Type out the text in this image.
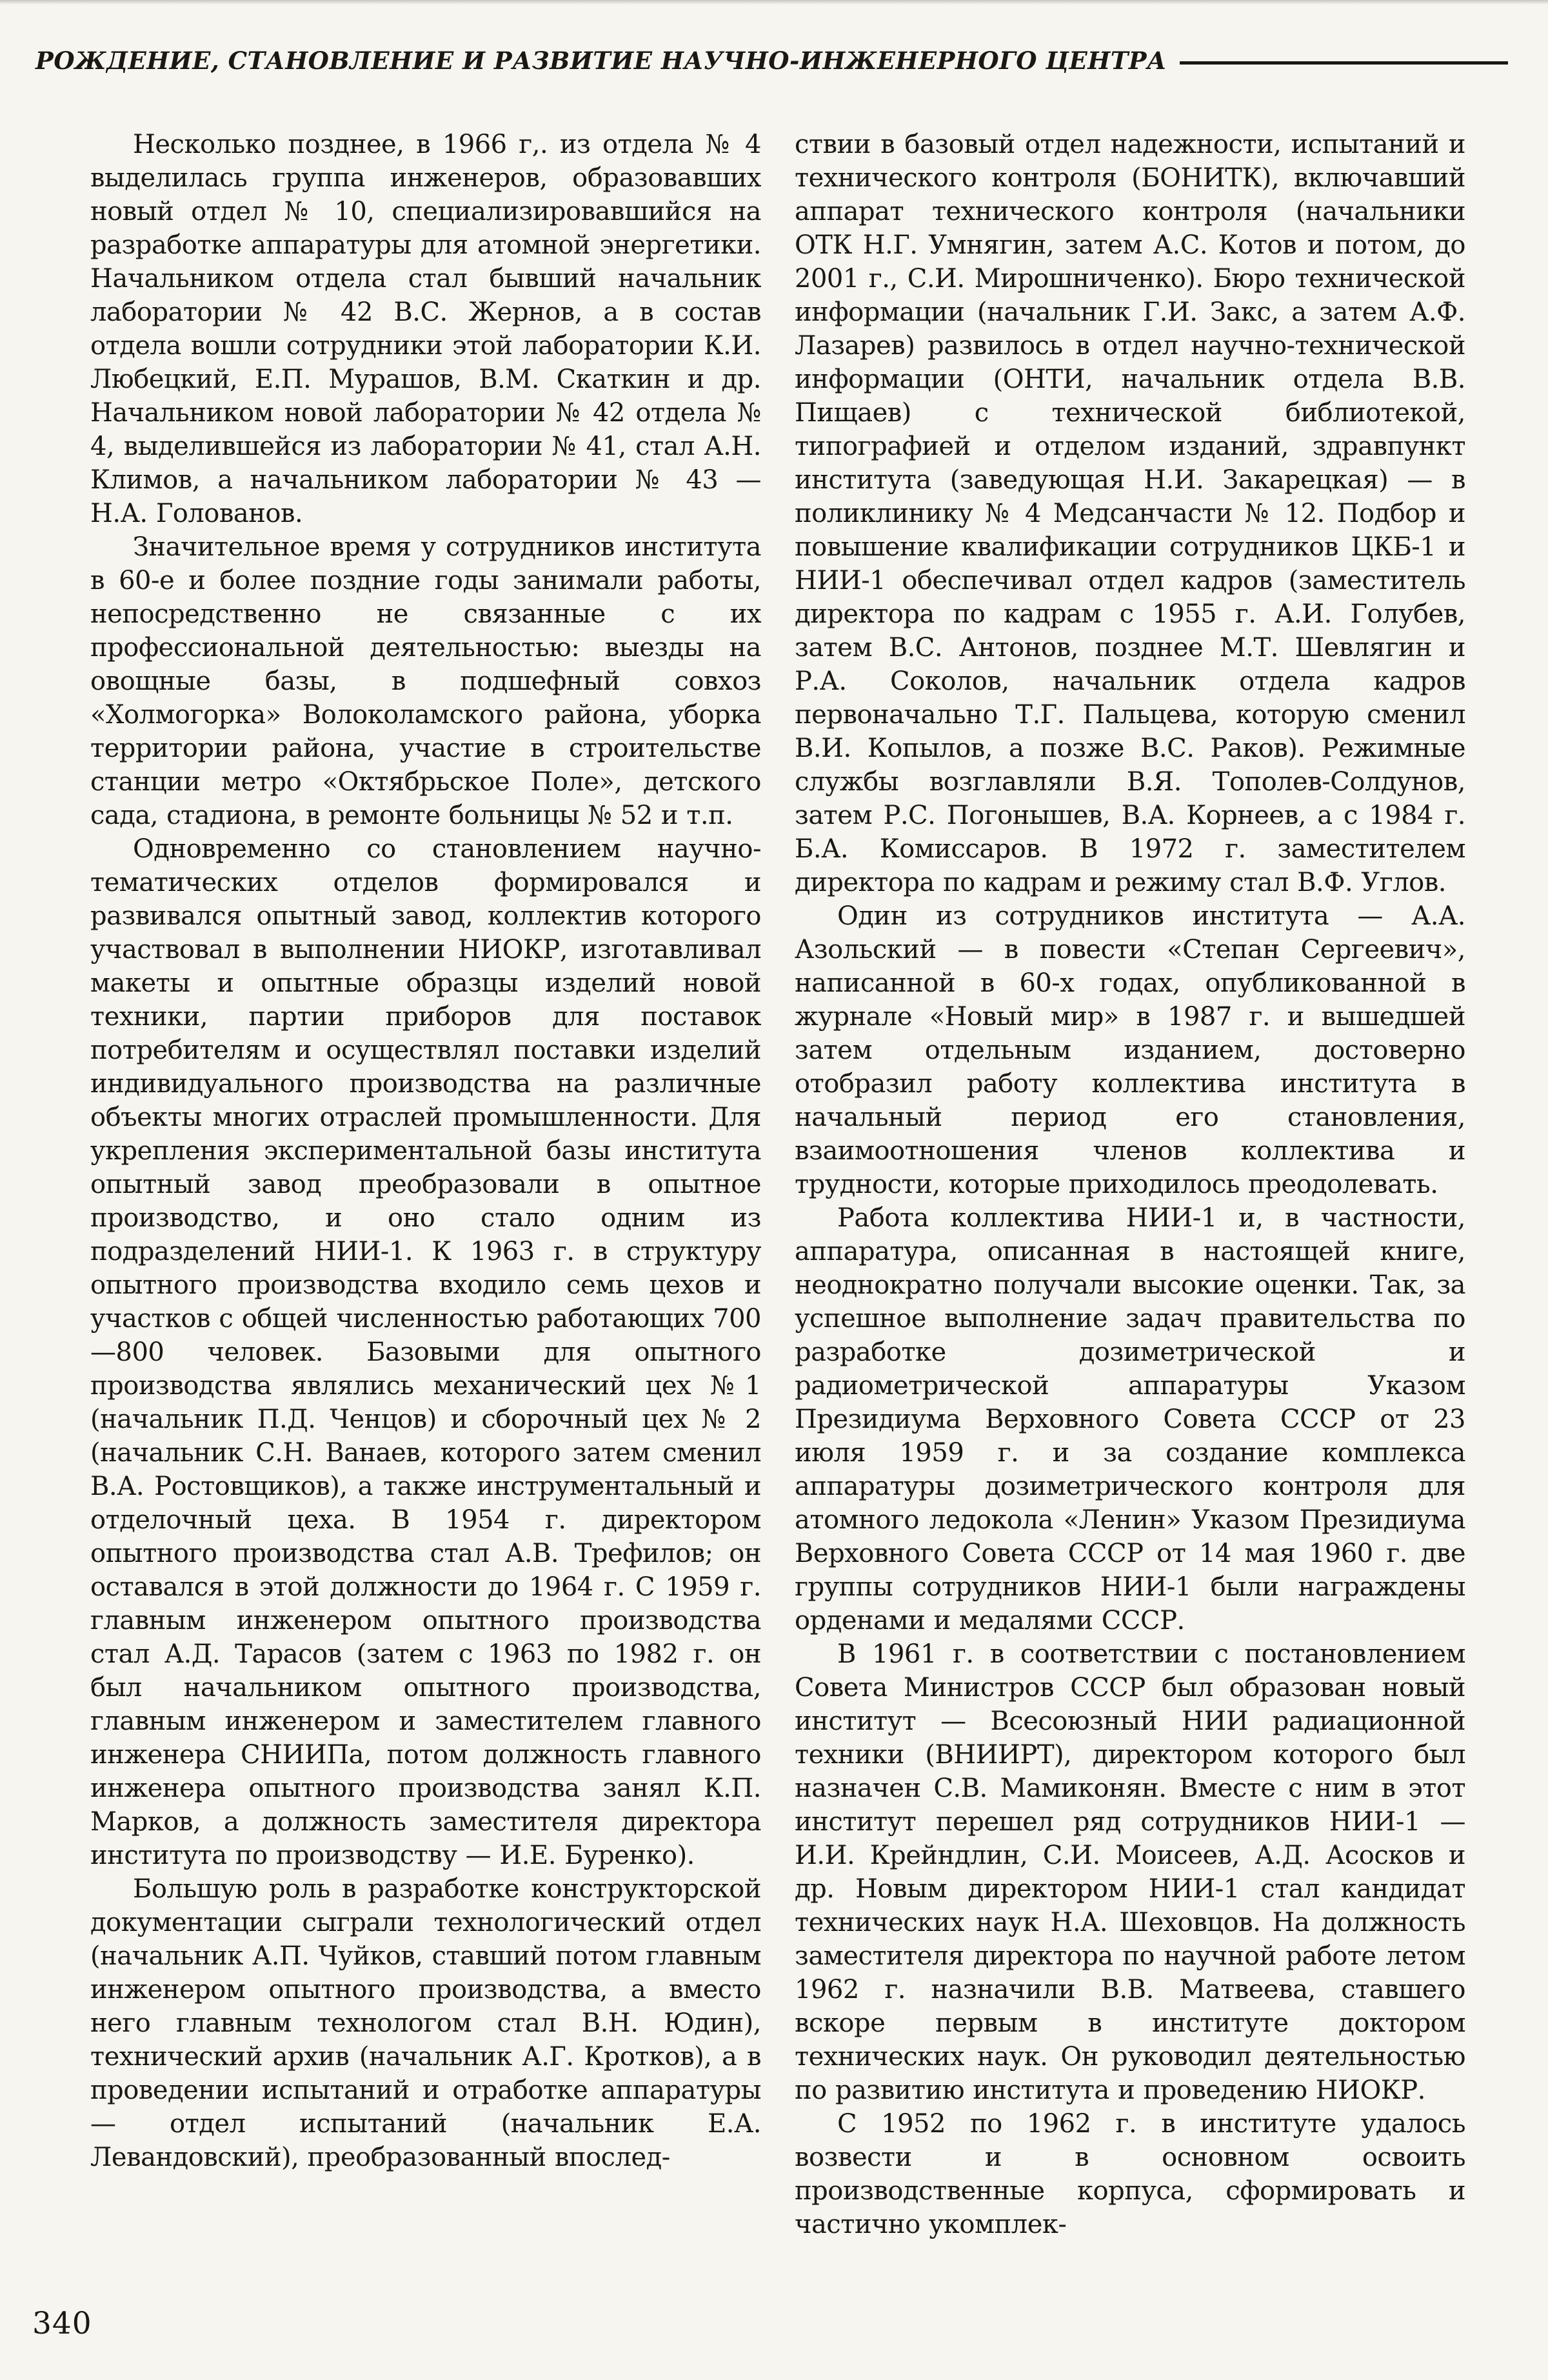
РОЖДЕНИЕ, СТАНОВЛЕНИЕ И РАЗВИТИЕ НАУЧНО-ИНЖЕНЕРНОГО ЦЕНТРА

Несколько позднее, в 1966 г,. из отдела № 4 выделилась группа инженеров, образовавших новый отдел № 10, специализировавшийся на разработке аппаратуры для атомной энергетики. Начальником отдела стал бывший начальник лаборатории № 42 В.С. Жернов, а в состав отдела вошли сотрудники этой лаборатории К.И. Любецкий, Е.П. Мурашов, В.М. Скаткин и др. Начальником новой лаборатории № 42 отдела № 4, выделившейся из лаборатории № 41, стал А.Н. Климов, а начальником лаборатории № 43 — Н.А. Голованов.

Значительное время у сотрудников института в 60-е и более поздние годы занимали работы, непосредственно не связанные с их профессиональной деятельностью: выезды на овощные базы, в подшефный совхоз «Холмогорка» Волоколамского района, уборка территории района, участие в строительстве станции метро «Октябрьское Поле», детского сада, стадиона, в ремонте больницы № 52 и т.п.

Одновременно со становлением научно-тематических отделов формировался и развивался опытный завод, коллектив которого участвовал в выполнении НИОКР, изготавливал макеты и опытные образцы изделий новой техники, партии приборов для поставок потребителям и осуществлял поставки изделий индивидуального производства на различные объекты многих отраслей промышленности. Для укрепления экспериментальной базы института опытный завод преобразовали в опытное производство, и оно стало одним из подразделений НИИ-1. К 1963 г. в структуру опытного производства входило семь цехов и участков с общей численностью работающих 700—800 человек. Базовыми для опытного производства являлись механический цех №1 (начальник П.Д. Ченцов) и сборочный цех № 2 (начальник С.Н. Ванаев, которого затем сменил В.А. Ростовщиков), а также инструментальный и отделочный цеха. В 1954 г. директором опытного производства стал А.В. Трефилов; он оставался в этой должности до 1964 г. С 1959 г. главным инженером опытного производства стал А.Д. Тарасов (затем с 1963 по 1982 г. он был начальником опытного производства, главным инженером и заместителем главного инженера СНИИПа, потом должность главного инженера опытного производства занял К.П. Марков, а должность заместителя директора института по производству — И.Е. Буренко).

Большую роль в разработке конструкторской документации сыграли технологический отдел (начальник А.П. Чуйков, ставший потом главным инженером опытного производства, а вместо него главным технологом стал В.Н. Юдин), технический архив (начальник А.Г. Кротков), а в проведении испытаний и отработке аппаратуры — отдел испытаний (начальник Е.А. Левандовский), преобразованный впослед-

ствии в базовый отдел надежности, испытаний и технического контроля (БОНИТК), включавший аппарат технического контроля (начальники ОТК Н.Г. Умнягин, затем А.С. Котов и потом, до 2001 г., С.И. Мирошниченко). Бюро технической информации (начальник Г.И. Закс, а затем А.Ф. Лазарев) развилось в отдел научно-технической информации (ОНТИ, начальник отдела В.В. Пищаев) с технической библиотекой, типографией и отделом изданий, здравпункт института (заведующая Н.И. Закарецкая) — в поликлинику № 4 Медсанчасти № 12. Подбор и повышение квалификации сотрудников ЦКБ-1 и НИИ-1 обеспечивал отдел кадров (заместитель директора по кадрам с 1955 г. А.И. Голубев, затем В.С. Антонов, позднее М.Т. Шевлягин и Р.А. Соколов, начальник отдела кадров первоначально Т.Г. Пальцева, которую сменил В.И. Копылов, а позже В.С. Раков). Режимные службы возглавляли В.Я. Тополев-Солдунов, затем Р.С. Погонышев, В.А. Корнеев, а с 1984 г. Б.А. Комиссаров. В 1972 г. заместителем директора по кадрам и режиму стал В.Ф. Углов.

Один из сотрудников института — А.А. Азольский — в повести «Степан Сергеевич», написанной в 60-х годах, опубликованной в журнале «Новый мир» в 1987 г. и вышедшей затем отдельным изданием, достоверно отобразил работу коллектива института в начальный период его становления, взаимоотношения членов коллектива и трудности, которые приходилось преодолевать.

Работа коллектива НИИ-1 и, в частности, аппаратура, описанная в настоящей книге, неоднократно получали высокие оценки. Так, за успешное выполнение задач правительства по разработке дозиметрической и радиометрической аппаратуры Указом Президиума Верховного Совета СССР от 23 июля 1959 г. и за создание комплекса аппаратуры дозиметрического контроля для атомного ледокола «Ленин» Указом Президиума Верховного Совета СССР от 14 мая 1960 г. две группы сотрудников НИИ-1 были награждены орденами и медалями СССР.

В 1961 г. в соответствии с постановлением Совета Министров СССР был образован новый институт — Всесоюзный НИИ радиационной техники (ВНИИРТ), директором которого был назначен С.В. Мамиконян. Вместе с ним в этот институт перешел ряд сотрудников НИИ-1 — И.И. Крейндлин, С.И. Моисеев, А.Д. Асосков и др. Новым директором НИИ-1 стал кандидат технических наук Н.А. Шеховцов. На должность заместителя директора по научной работе летом 1962 г. назначили В.В. Матвеева, ставшего вскоре первым в институте доктором технических наук. Он руководил деятельностью по развитию института и проведению НИОКР.

С 1952 по 1962 г. в институте удалось возвести и в основном освоить производственные корпуса, сформировать и частично укомплек-

340
